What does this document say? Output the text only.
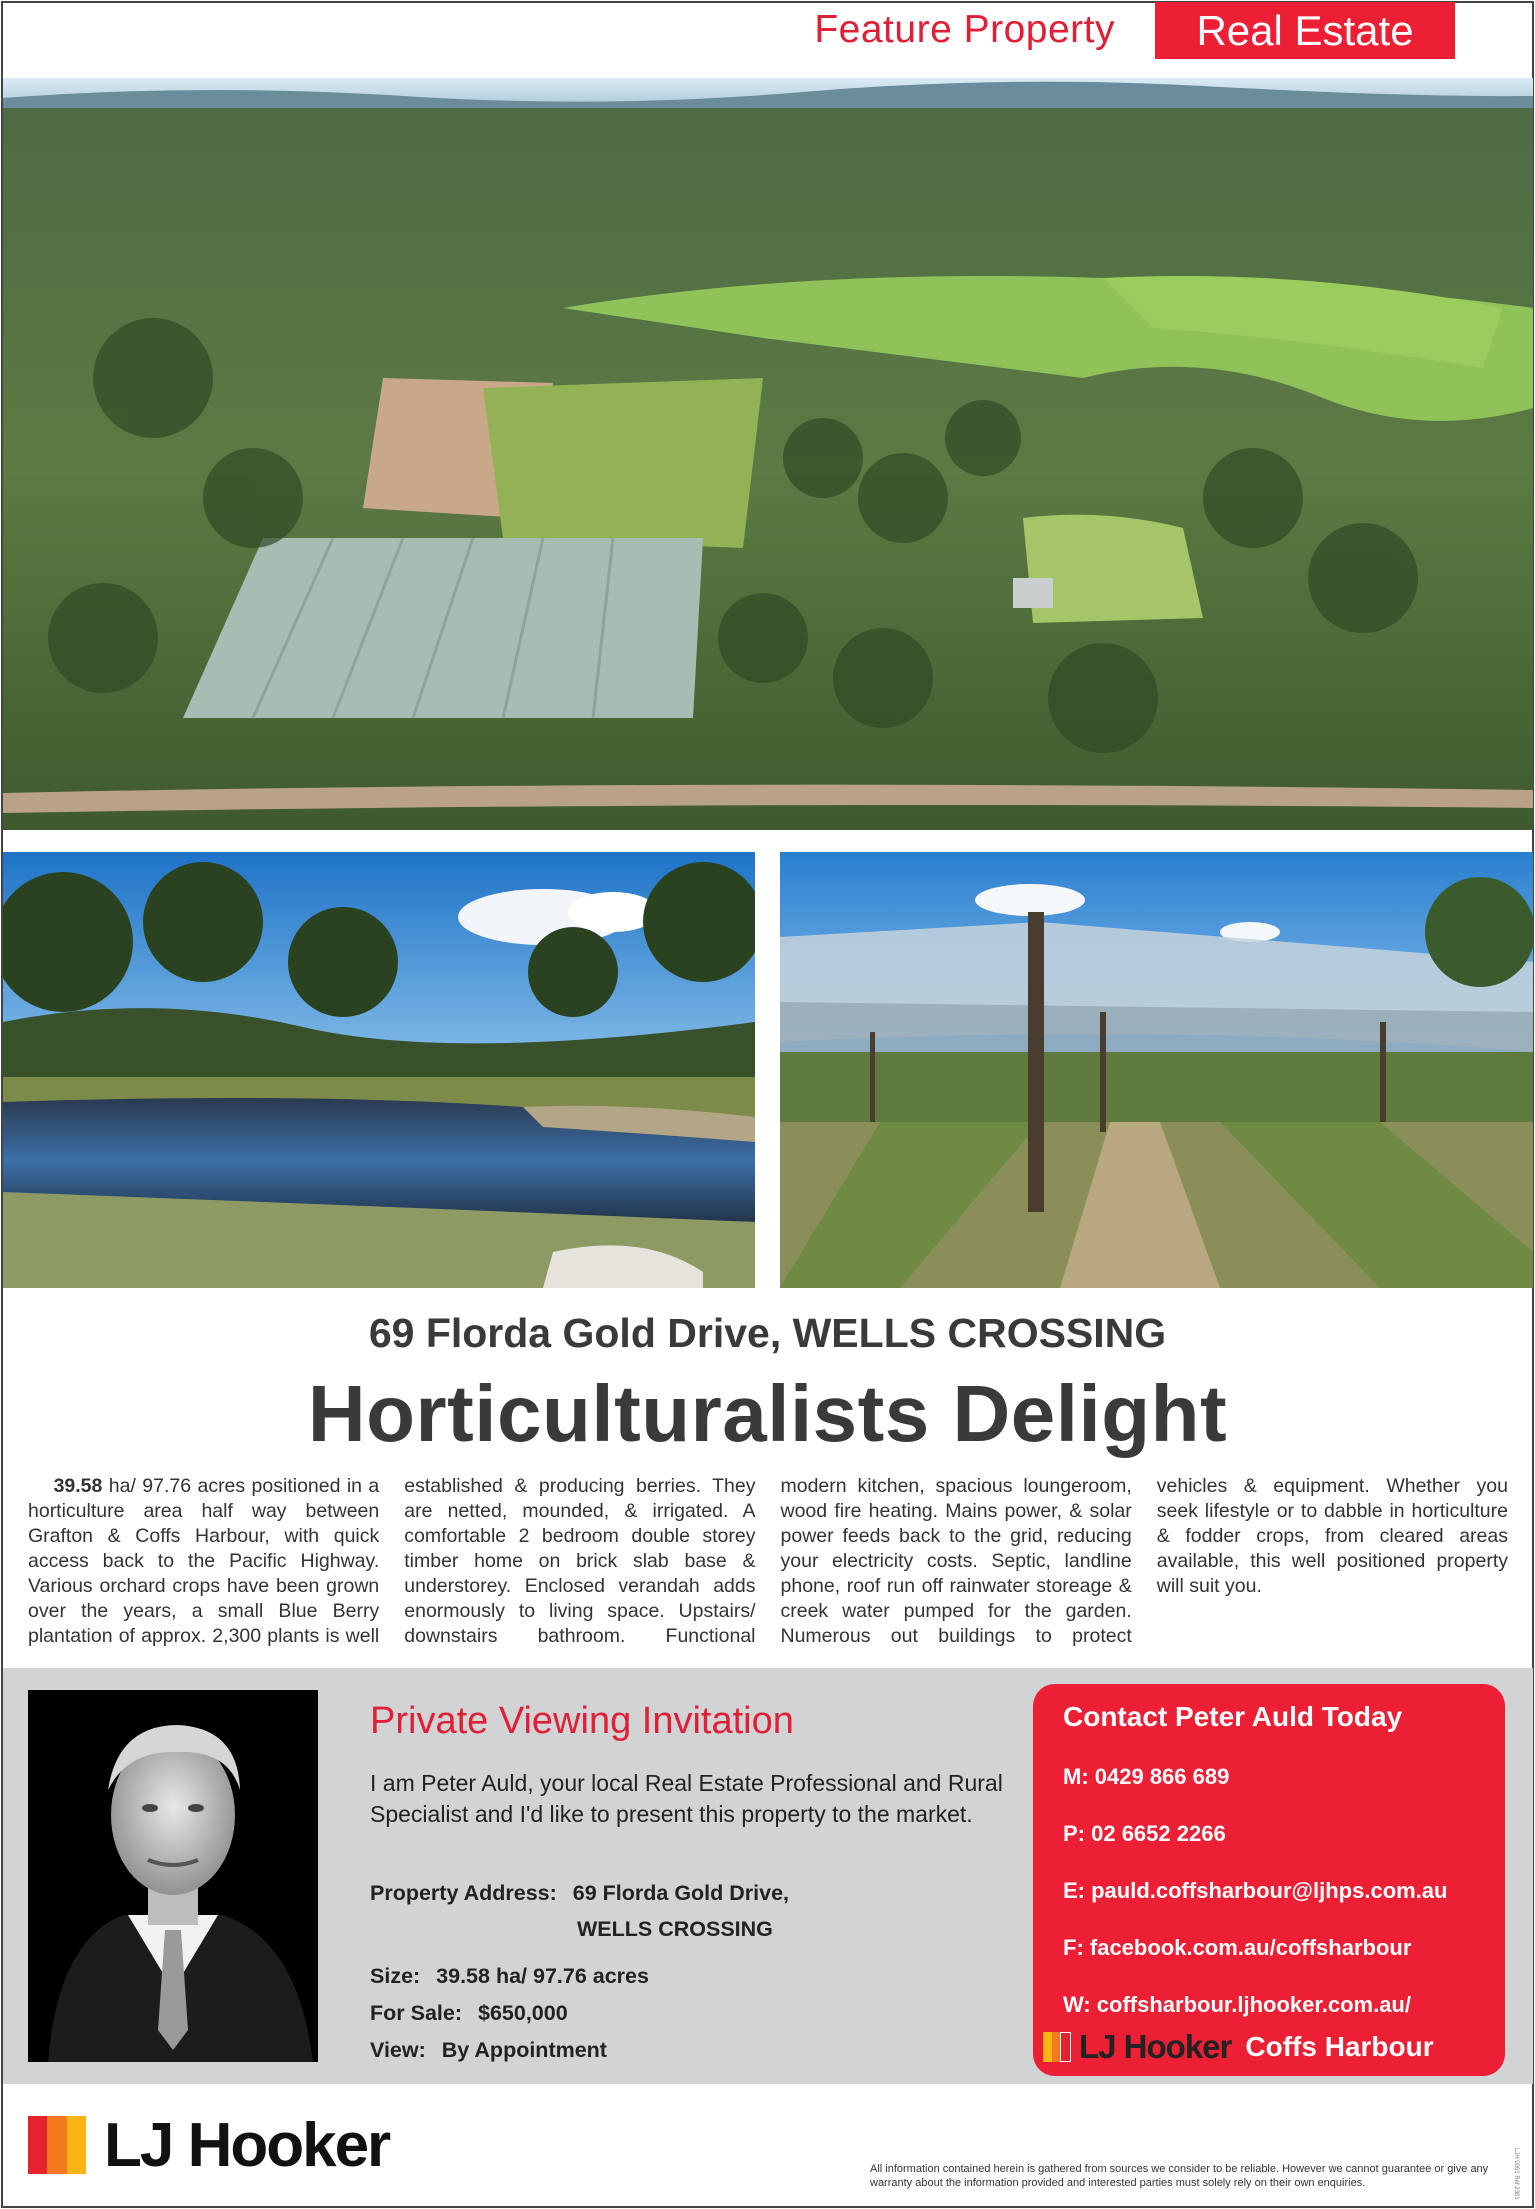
Feature Property	Real Estate
69 Florda Gold Drive, WELLS CROSSING
Horticulturalists Delight
39.58 ha/ 97.76 acres positioned in a horticulture area half way between Grafton & Coffs Harbour, with quick access back to the Pacific Highway. Various orchard crops have been grown over the years, a small Blue Berry plantation of approx. 2,300 plants is well established & producing berries. They are netted, mounded, & irrigated. A comfortable 2 bedroom double storey timber home on brick slab base & understorey. Enclosed verandah adds enormously to living space. Upstairs/ downstairs bathroom. Functional modern kitchen, spacious loungeroom, wood fire heating. Mains power, & solar power feeds back to the grid, reducing your electricity costs. Septic, landline phone, roof run off rainwater storeage & creek water pumped for the garden. Numerous out buildings to protect vehicles & equipment. Whether you seek lifestyle or to dabble in horticulture & fodder crops, from cleared areas available, this well positioned property will suit you.
Private Viewing Invitation
I am Peter Auld, your local Real Estate Professional and Rural Specialist and I'd like to present this property to the market.
Property Address: 69 Florda Gold Drive,
WELLS CROSSING
Size: 39.58 ha/ 97.76 acres
For Sale: $650,000
View: By Appointment
Contact Peter Auld Today
M: 0429 866 689
P: 02 6652 2266
E: pauld.coffsharbour@ljhps.com.au
F: facebook.com.au/coffsharbour
W: coffsharbour.ljhooker.com.au/
LJ Hooker Coffs Harbour
LJ Hooker	All information contained herein is gathered from sources we consider to be reliable. However we cannot guarantee or give any warranty about the information provided and interested parties must solely rely on their own enquiries.	LJH 0001 Ref 2301
